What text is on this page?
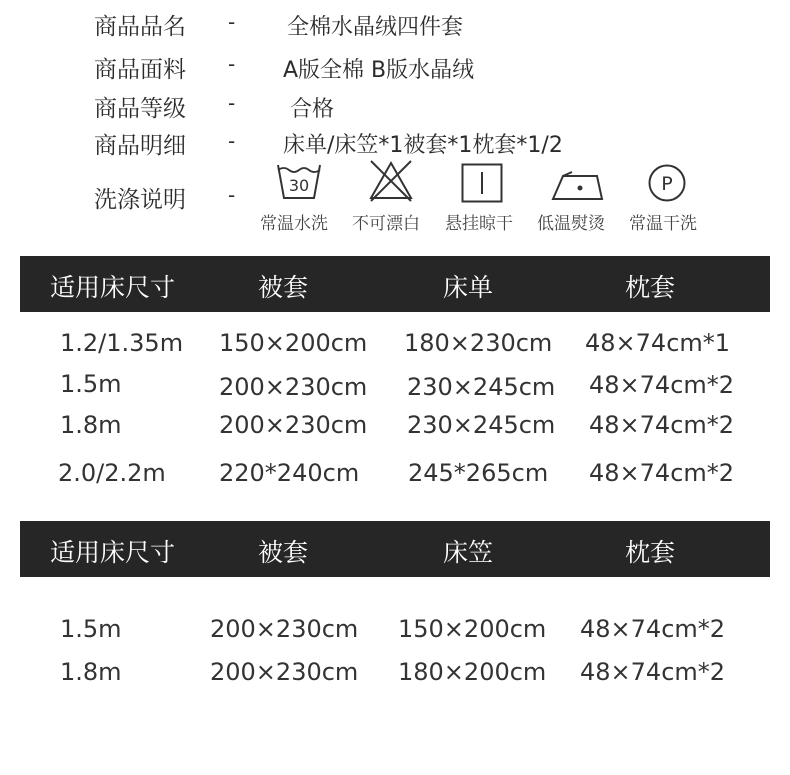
商品品名 - 全棉水晶绒四件套
商品面料 - A版全棉 B版水晶绒
商品等级 - 合格
商品明细 - 床单/床笠*1被套*1枕套*1/2
洗涤说明 -	30	P
常温水洗 不可漂白 悬挂晾干 低温熨烫 常温干洗
适用床尺寸	被套	床单	枕套
1.2/1.35m 150×200cm 180×230cm 48×74cm*1
1.5m	200×230cm 230×245cm 48×74cm*2
1.8m	200×230cm 230×245cm 48×74cm*2
2.0/2.2m 220*240cm 245*265cm 48×74cm*2
适用床尺寸	被套	床笠	枕套
1.5m	200×230cm 150×200cm 48×74cm*2
1.8m	200×230cm 180×200cm 48×74cm*2
